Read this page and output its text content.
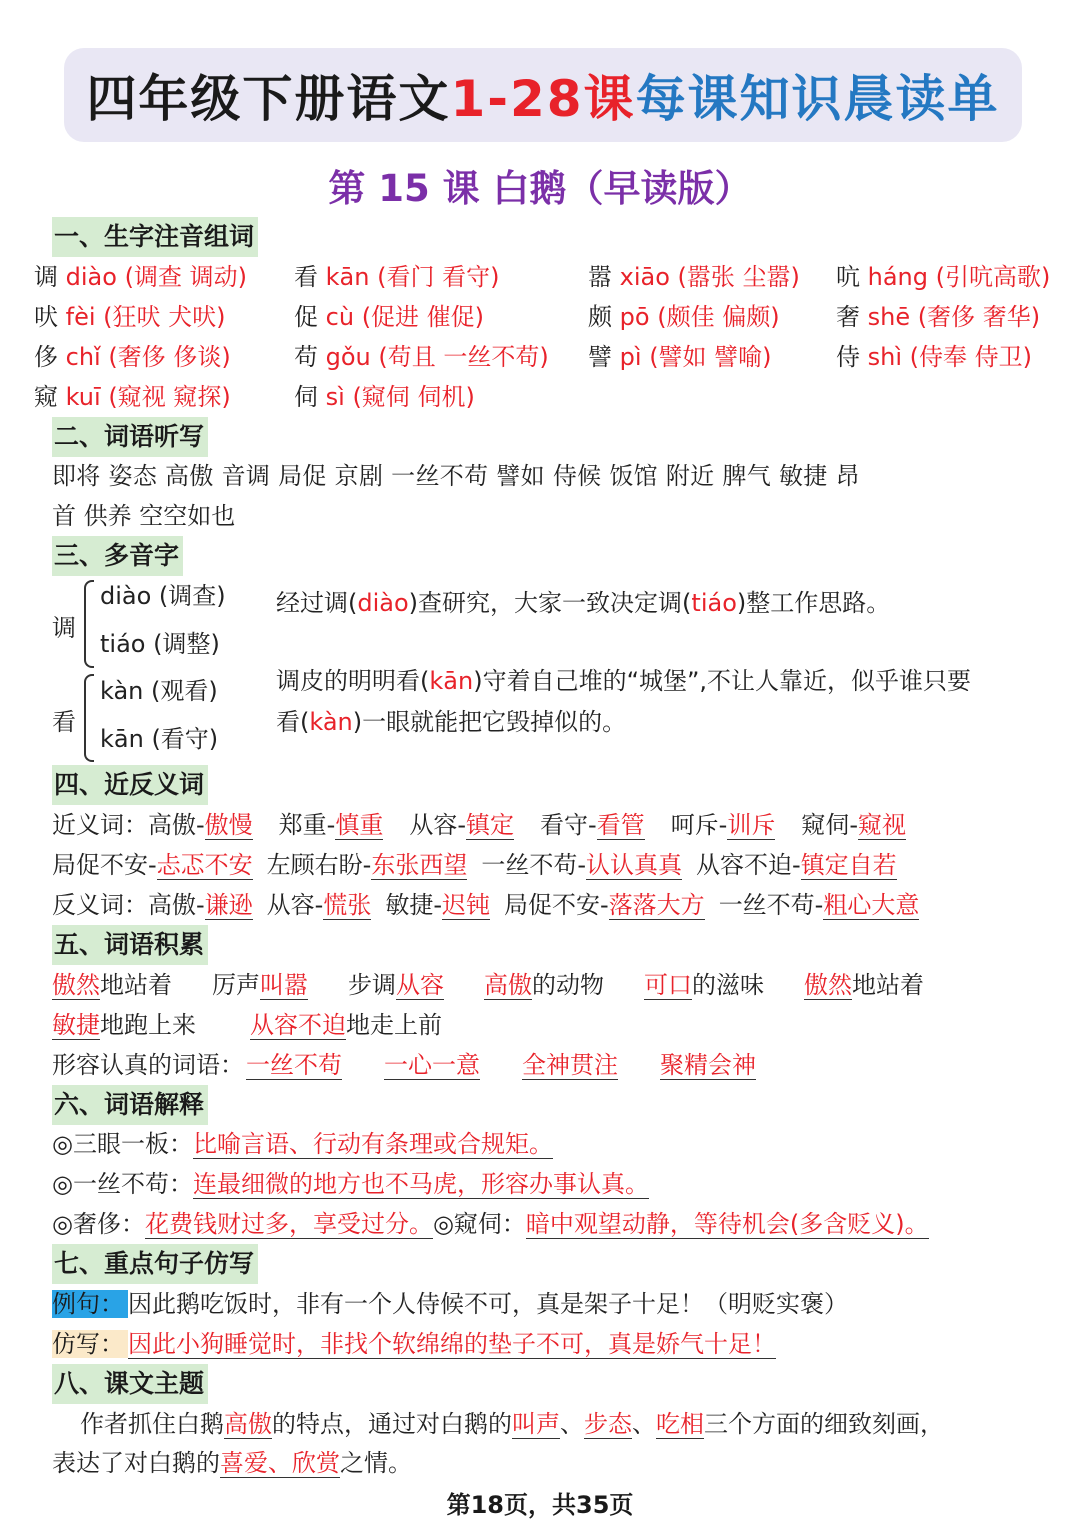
四年级下册语文 1-28课 每课知识晨读单
第 15 课 白鹅（早读版）
一、生字注音组词
调 diào (调查 调动) 看 kān (看门 看守)	嚣 xiāo (嚣张 尘嚣) 吭 háng (引吭高歌)
吠 fèi (狂吠 犬吠)	促 cù (促进 催促)	颇 pō (颇佳 偏颇) 奢 shē (奢侈 奢华)
侈 chǐ (奢侈 侈谈)	苟 gǒu (苟且 一丝不苟) 譬 pì (譬如 譬喻)	侍 shì (侍奉 侍卫)
窥 kuī (窥视 窥探)	伺 sì (窥伺 伺机)
二、词语听写
即将 姿态 高傲 音调 局促 京剧 一丝不苟 譬如 侍候 饭馆 附近 脾气 敏捷 昂
首 供养 空空如也
三、多音字
调
diào (调查)
tiáo (调整)
经过调(diào)查研究，大家一致决定调(tiáo)整工作思路。
看
kàn (观看)
kān (看守)
调皮的明明看(kān)守着自己堆的“城堡”,不让人靠近，似乎谁只要
看(kàn)一眼就能把它毁掉似的。
四、近反义词
近义词：高傲-傲慢 郑重-慎重 从容-镇定 看守-看管 呵斥-训斥 窥伺-窥视
局促不安-忐忑不安 左顾右盼-东张西望 一丝不苟-认认真真 从容不迫-镇定自若
反义词：高傲-谦逊 从容-慌张 敏捷-迟钝 局促不安-落落大方 一丝不苟-粗心大意
五、词语积累
傲然地站着 厉声叫嚣 步调从容 高傲的动物 可口的滋味 傲然地站着
敏捷地跑上来 从容不迫地走上前
形容认真的词语：一丝不苟 一心一意 全神贯注 聚精会神
六、词语解释
◎三眼一板：比喻言语、行动有条理或合规矩。
◎一丝不苟：连最细微的地方也不马虎，形容办事认真。
◎奢侈：花费钱财过多，享受过分。◎窥伺：暗中观望动静，等待机会(多含贬义)。
七、重点句子仿写
例句： 因此鹅吃饭时，非有一个人侍候不可，真是架子十足！（明贬实褒）
仿写： 因此小狗睡觉时，非找个软绵绵的垫子不可，真是娇气十足！
八、课文主题
作者抓住白鹅高傲的特点，通过对白鹅的叫声、步态、吃相三个方面的细致刻画，
表达了对白鹅的喜爱、欣赏之情。
第18页，共35页
